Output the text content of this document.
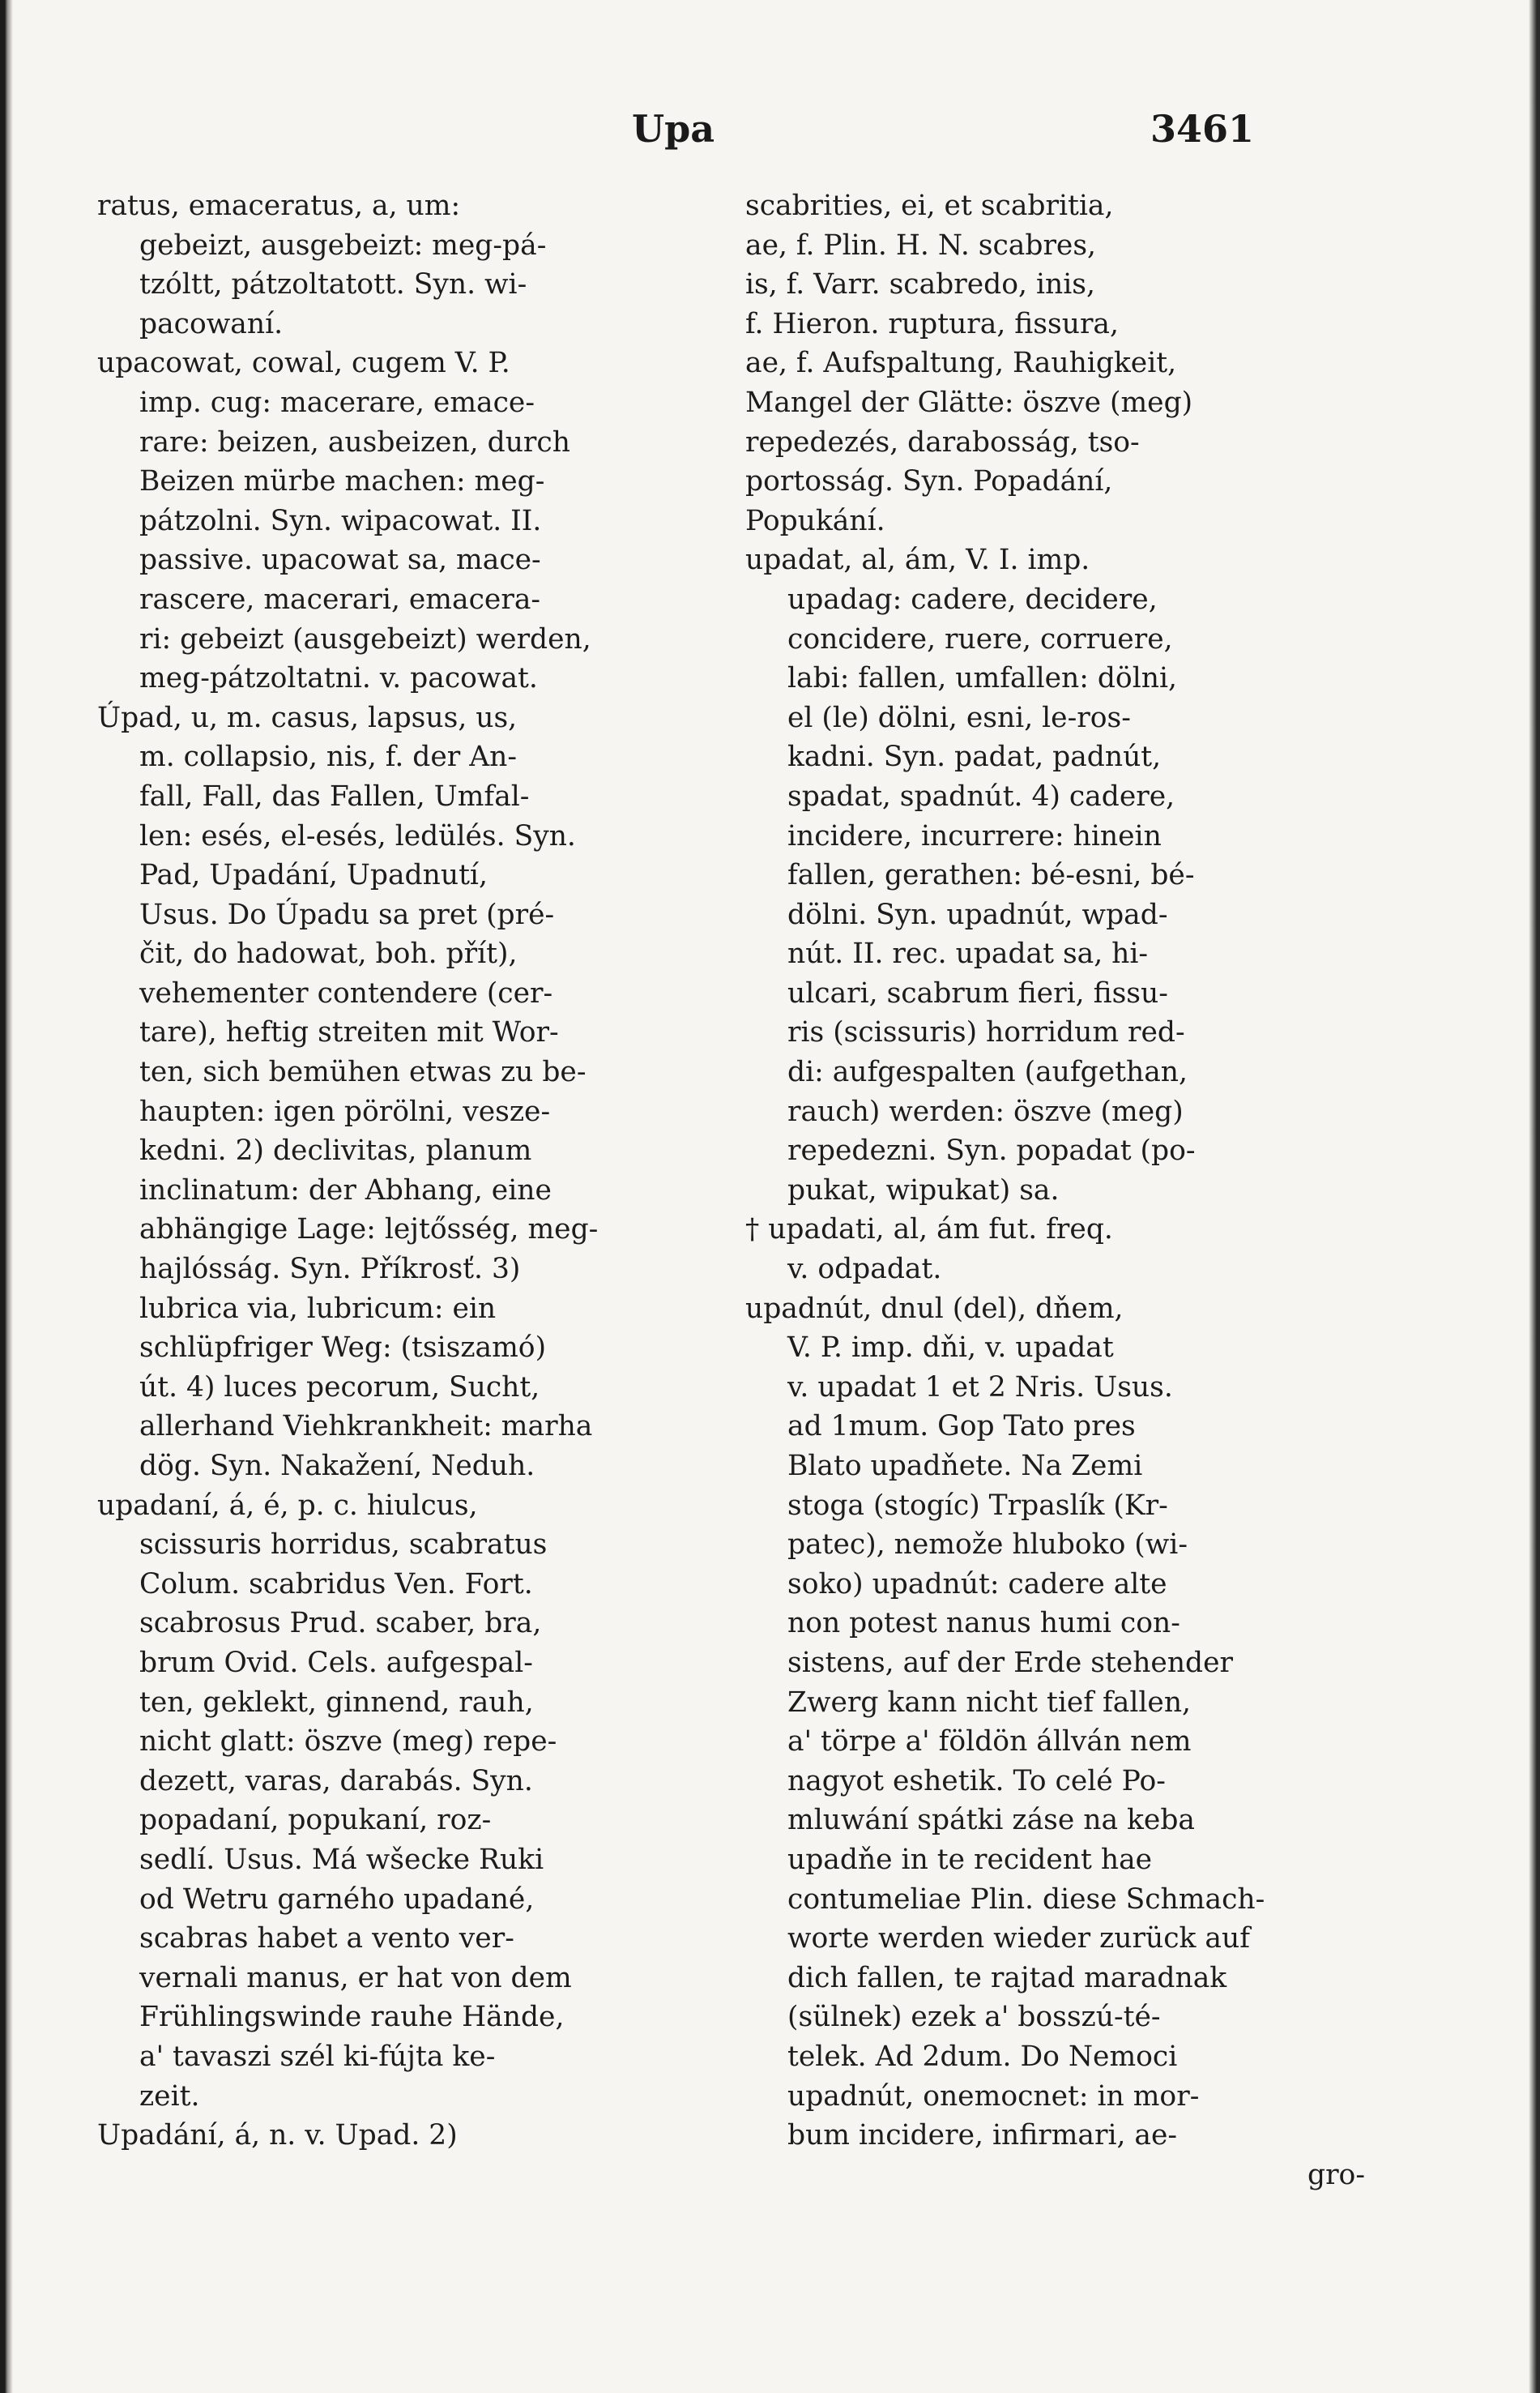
Upa	3461
ratus, emaceratus, a, um:
gebeizt, ausgebeizt: meg-pá-
tzóltt, pátzoltatott. Syn. wi-
pacowaní.
upacowat, cowal, cugem V. P.
imp. cug: macerare, emace-
rare: beizen, ausbeizen, durch
Beizen mürbe machen: meg-
pátzolni. Syn. wipacowat. II.
passive. upacowat sa, mace-
rascere, macerari, emacera-
ri: gebeizt (ausgebeizt) werden,
meg-pátzoltatni. v. pacowat.
Úpad, u, m. casus, lapsus, us,
m. collapsio, nis, f. der An-
fall, Fall, das Fallen, Umfal-
len: esés, el-esés, ledülés. Syn.
Pad, Upadání, Upadnutí,
Usus. Do Úpadu sa pret (pré-
čit, do hadowat, boh. přít),
vehementer contendere (cer-
tare), heftig streiten mit Wor-
ten, sich bemühen etwas zu be-
haupten: igen pörölni, vesze-
kedni. 2) declivitas, planum
inclinatum: der Abhang, eine
abhängige Lage: lejtősség, meg-
hajlósság. Syn. Příkrosť. 3)
lubrica via, lubricum: ein
schlüpfriger Weg: (tsiszamó)
út. 4) luces pecorum, Sucht,
allerhand Viehkrankheit: marha
dög. Syn. Nakažení, Neduh.
upadaní, á, é, p. c. hiulcus,
scissuris horridus, scabratus
Colum. scabridus Ven. Fort.
scabrosus Prud. scaber, bra,
brum Ovid. Cels. aufgespal-
ten, geklekt, ginnend, rauh,
nicht glatt: öszve (meg) repe-
dezett, varas, darabás. Syn.
popadaní, popukaní, roz-
sedlí. Usus. Má wšecke Ruki
od Wetru garného upadané,
scabras habet a vento ver-
vernali manus, er hat von dem
Frühlingswinde rauhe Hände,
a' tavaszi szél ki-fújta ke-
zeit.
Upadání, á, n. v. Upad. 2)
scabrities, ei, et scabritia,
ae, f. Plin. H. N. scabres,
is, f. Varr. scabredo, inis,
f. Hieron. ruptura, fissura,
ae, f. Aufspaltung, Rauhigkeit,
Mangel der Glätte: öszve (meg)
repedezés, darabosság, tso-
portosság. Syn. Popadání,
Popukání.
upadat, al, ám, V. I. imp.
upadag: cadere, decidere,
concidere, ruere, corruere,
labi: fallen, umfallen: dölni,
el (le) dölni, esni, le-ros-
kadni. Syn. padat, padnút,
spadat, spadnút. 4) cadere,
incidere, incurrere: hinein
fallen, gerathen: bé-esni, bé-
dölni. Syn. upadnút, wpad-
nút. II. rec. upadat sa, hi-
ulcari, scabrum fieri, fissu-
ris (scissuris) horridum red-
di: aufgespalten (aufgethan,
rauch) werden: öszve (meg)
repedezni. Syn. popadat (po-
pukat, wipukat) sa.
† upadati, al, ám fut. freq.
v. odpadat.
upadnút, dnul (del), dňem,
V. P. imp. dňi, v. upadat
v. upadat 1 et 2 Nris. Usus.
ad 1mum. Gop Tato pres
Blato upadňete. Na Zemi
stoga (stogíc) Trpaslík (Kr-
patec), nemože hluboko (wi-
soko) upadnút: cadere alte
non potest nanus humi con-
sistens, auf der Erde stehender
Zwerg kann nicht tief fallen,
a' törpe a' földön állván nem
nagyot eshetik. To celé Po-
mluwání spátki záse na keba
upadňe in te recident hae
contumeliae Plin. diese Schmach-
worte werden wieder zurück auf
dich fallen, te rajtad maradnak
(sülnek) ezek a' bosszú-té-
telek. Ad 2dum. Do Nemoci
upadnút, onemocnet: in mor-
bum incidere, infirmari, ae-
gro-
